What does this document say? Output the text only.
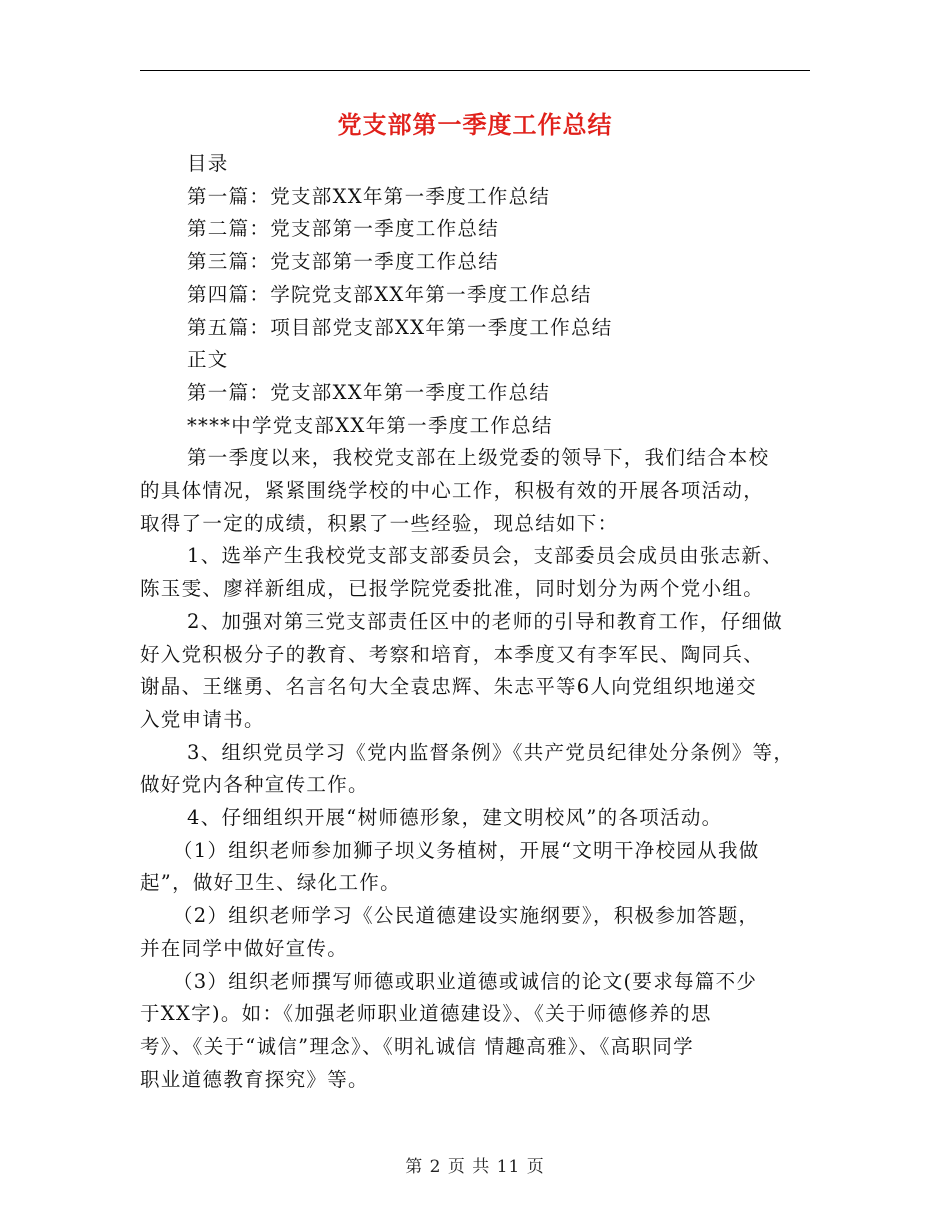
党支部第一季度工作总结
目录
第一篇：党支部XX年第一季度工作总结
第二篇：党支部第一季度工作总结
第三篇：党支部第一季度工作总结
第四篇：学院党支部XX年第一季度工作总结
第五篇：项目部党支部XX年第一季度工作总结
正文
第一篇：党支部XX年第一季度工作总结
****中学党支部XX年第一季度工作总结
第一季度以来，我校党支部在上级党委的领导下，我们结合本校
的具体情况，紧紧围绕学校的中心工作，积极有效的开展各项活动，
取得了一定的成绩，积累了一些经验，现总结如下：
1、选举产生我校党支部支部委员会，支部委员会成员由张志新、
陈玉雯、廖祥新组成，已报学院党委批准，同时划分为两个党小组。
2、加强对第三党支部责任区中的老师的引导和教育工作，仔细做
好入党积极分子的教育、考察和培育，本季度又有李军民、陶同兵、
谢晶、王继勇、名言名句大全袁忠辉、朱志平等6人向党组织地递交
入党申请书。
3、组织党员学习《党内监督条例》《共产党员纪律处分条例》等，
做好党内各种宣传工作。
4、仔细组织开展“树师德形象，建文明校风”的各项活动。
（1）组织老师参加狮子坝义务植树，开展“文明干净校园从我做
起”，做好卫生、绿化工作。
（2）组织老师学习《公民道德建设实施纲要》，积极参加答题，
并在同学中做好宣传。
（3）组织老师撰写师德或职业道德或诚信的论文(要求每篇不少
于XX字)。如：《加强老师职业道德建设》、《关于师德修养的思
考》、《关于“诚信”理念》、《明礼诚信 情趣高雅》、《高职同学
职业道德教育探究》等。
第 2 页 共 11 页
